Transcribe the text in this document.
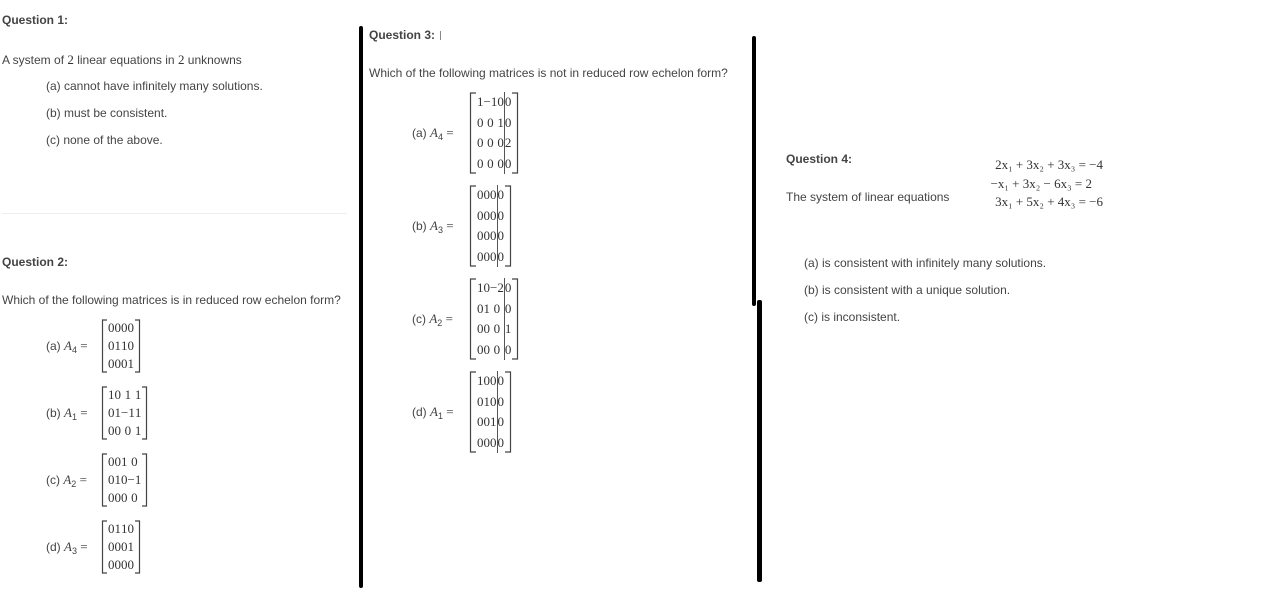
Question 1:
A system of 2 linear equations in 2 unknowns
(a) cannot have infinitely many solutions.
(b) must be consistent.
(c) none of the above.
Question 2:
Which of the following matrices is in reduced row echelon form?
(a) $A_4$ =
0	0	0	0
0	1	1	0
0	0	0	1
(b) $A_1$ =
1	0	1	1
0	1	−1	1
0	0	0	1
(c) $A_2$ =
0	0	1	0
0	1	0	−1
0	0	0	0
(d) $A_3$ =
0	1	1	0
0	0	0	1
0	0	0	0
Question 3:
Which of the following matrices is not in reduced row echelon form?
(a) $A_4$ =
1	−1	0	0
0	0	1	0
0	0	0	2
0	0	0	0
(b) $A_3$ =
0	0	0	0
0	0	0	0
0	0	0	0
0	0	0	0
(c) $A_2$ =
1	0	−2	0
0	1	0	0
0	0	0	1
0	0	0	0
(d) $A_1$ =
1	0	0	0
0	1	0	0
0	0	1	0
0	0	0	0
Question 4:
The system of linear equations
2x₁ + 3x₂ + 3x₃ = −4
−x₁ + 3x₂ − 6x₃ = 2
3x₁ + 5x₂ + 4x₃ = −6
(a) is consistent with infinitely many solutions.
(b) is consistent with a unique solution.
(c) is inconsistent.
